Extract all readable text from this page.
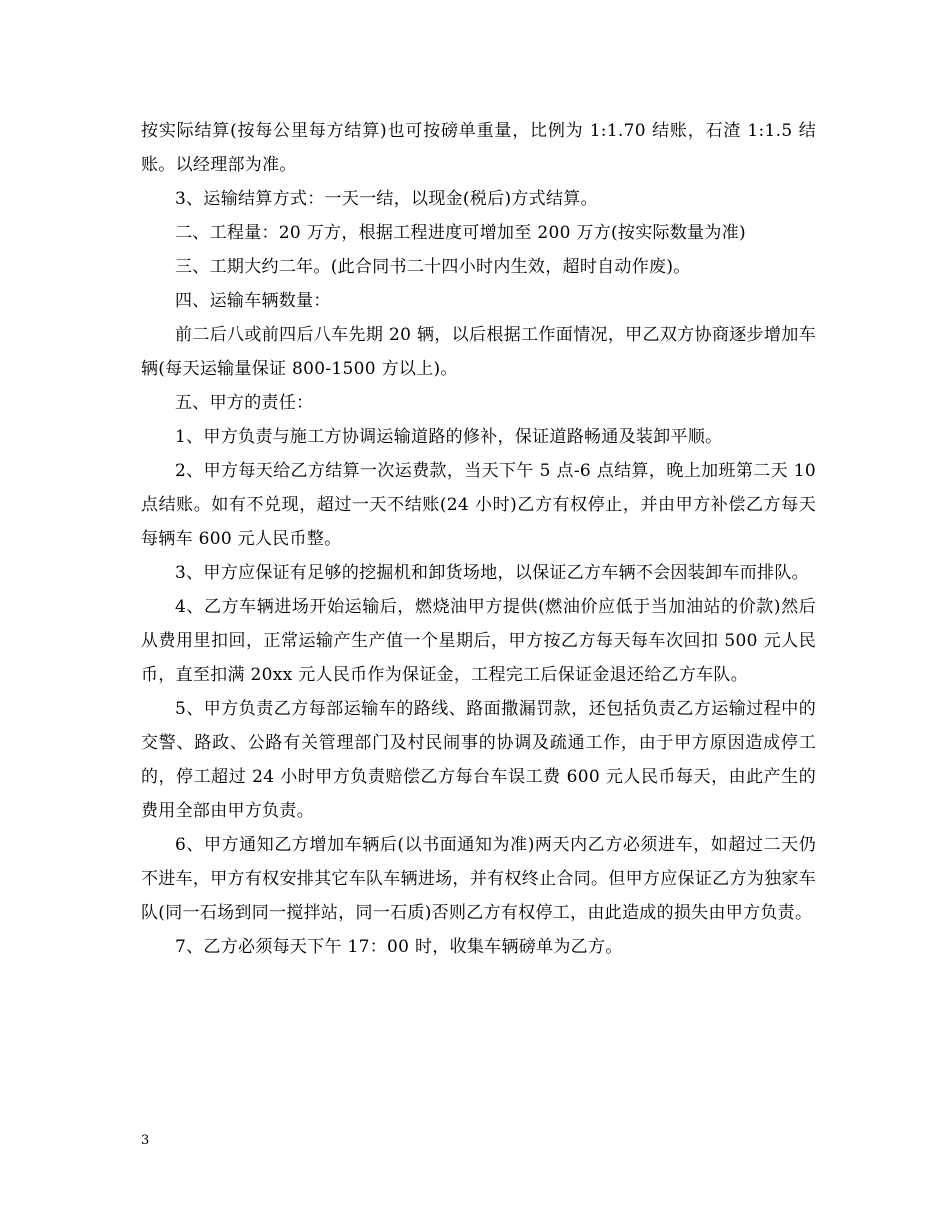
按实际结算(按每公里每方结算)也可按磅单重量，比例为 1:1.70 结账，石渣 1:1.5 结账。以经理部为准。

3、运输结算方式：一天一结，以现金(税后)方式结算。

二、工程量：20 万方，根据工程进度可增加至 200 万方(按实际数量为准)

三、工期大约二年。(此合同书二十四小时内生效，超时自动作废)。

四、运输车辆数量：

前二后八或前四后八车先期 20 辆，以后根据工作面情况，甲乙双方协商逐步增加车辆(每天运输量保证 800-1500 方以上)。

五、甲方的责任：

1、甲方负责与施工方协调运输道路的修补，保证道路畅通及装卸平顺。

2、甲方每天给乙方结算一次运费款，当天下午 5 点-6 点结算，晚上加班第二天 10 点结账。如有不兑现，超过一天不结账(24 小时)乙方有权停止，并由甲方补偿乙方每天每辆车 600 元人民币整。

3、甲方应保证有足够的挖掘机和卸货场地，以保证乙方车辆不会因装卸车而排队。

4、乙方车辆进场开始运输后，燃烧油甲方提供(燃油价应低于当加油站的价款)然后从费用里扣回，正常运输产生产值一个星期后，甲方按乙方每天每车次回扣 500 元人民币，直至扣满 20xx 元人民币作为保证金，工程完工后保证金退还给乙方车队。

5、甲方负责乙方每部运输车的路线、路面撒漏罚款，还包括负责乙方运输过程中的交警、路政、公路有关管理部门及村民闹事的协调及疏通工作，由于甲方原因造成停工的，停工超过 24 小时甲方负责赔偿乙方每台车误工费 600 元人民币每天，由此产生的费用全部由甲方负责。

6、甲方通知乙方增加车辆后(以书面通知为准)两天内乙方必须进车，如超过二天仍不进车，甲方有权安排其它车队车辆进场，并有权终止合同。但甲方应保证乙方为独家车队(同一石场到同一搅拌站，同一石质)否则乙方有权停工，由此造成的损失由甲方负责。

7、乙方必须每天下午 17：00 时，收集车辆磅单为乙方。

3
